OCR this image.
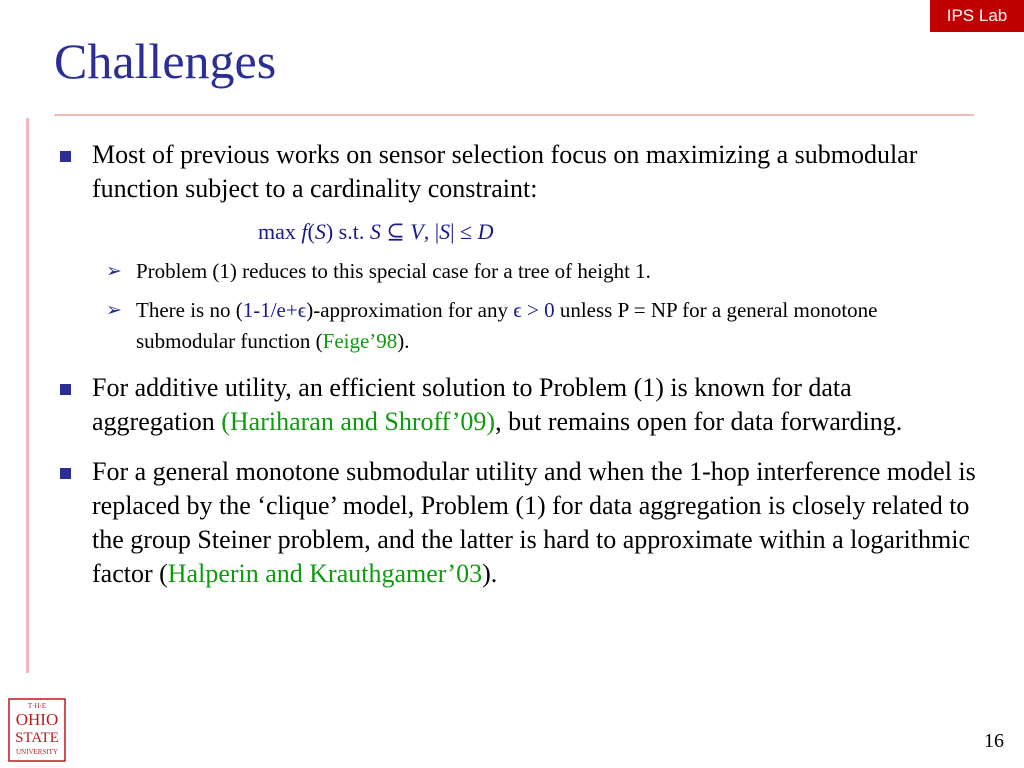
IPS Lab
Challenges
Most of previous works on sensor selection focus on maximizing a submodular function subject to a cardinality constraint:
max f(S) s.t. S ⊆ V, |S| ≤ D
➢ Problem (1) reduces to this special case for a tree of height 1.
➢ There is no (1-1/e+ϵ)-approximation for any ϵ > 0 unless P = NP for a general monotone submodular function (Feige’98).
For additive utility, an efficient solution to Problem (1) is known for data aggregation (Hariharan and Shroff’09), but remains open for data forwarding.
For a general monotone submodular utility and when the 1-hop interference model is replaced by the ‘clique’ model, Problem (1) for data aggregation is closely related to the group Steiner problem, and the latter is hard to approximate within a logarithmic factor (Halperin and Krauthgamer’03).
T·H·E
OHIO
STATE
UNIVERSITY	16
